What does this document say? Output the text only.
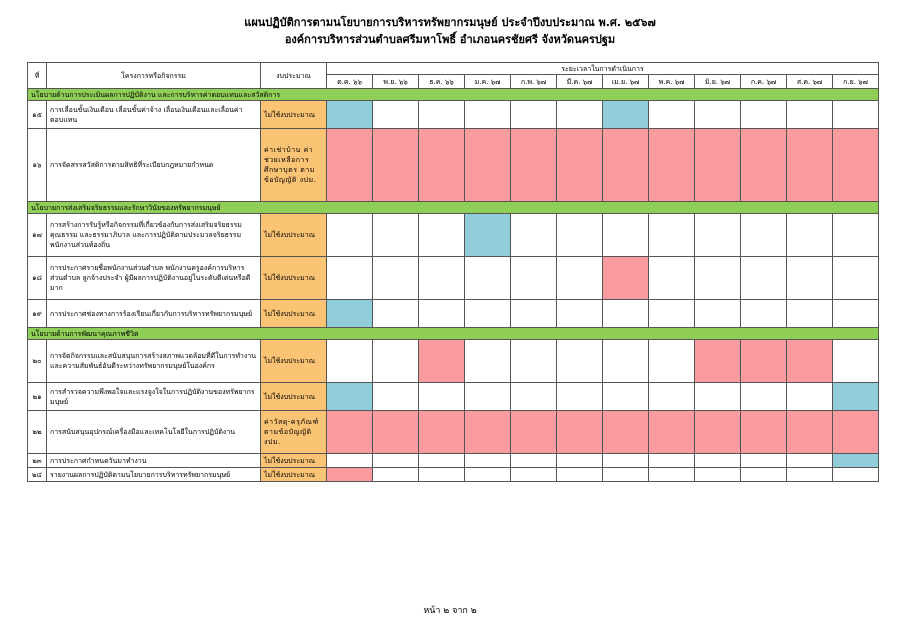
แผนปฏิบัติการตามนโยบายการบริหารทรัพยากรมนุษย์ ประจำปีงบประมาณ พ.ศ. ๒๕๖๗
องค์การบริหารส่วนตำบลศรีมหาโพธิ์ อำเภอนครชัยศรี จังหวัดนครปฐม
ที่	โครงการหรือกิจกรรม	งบประมาณ	ระยะเวลาในการดำเนินการ											
			ต.ค. ๖๖	พ.ย. ๖๖	ธ.ค. ๖๖	ม.ค. ๖๗	ก.พ. ๖๗	มี.ค. ๖๗	เม.ย. ๖๗	พ.ค. ๖๗	มิ.ย. ๖๗	ก.ค. ๖๗	ส.ค. ๖๗	ก.ย. ๖๗
นโยบายด้านการประเมินผลการปฏิบัติงาน และการบริหารค่าตอบแทนและสวัสดิการ														
๑๕	การเลื่อนขั้นเงินเดือน เลื่อนขั้นค่าจ้าง เลื่อนเงินเดือนและเลื่อนค่าตอบแทน	ไม่ใช้งบประมาณ												
๑๖	การจัดสรรสวัสดิการตามสิทธิที่ระเบียบกฎหมายกำหนด	ค่าเช่าบ้าน ค่าช่วยเหลือการศึกษาบุตร ตามข้อบัญญัติ งปม.												
นโยบายการส่งเสริมจริยธรรมและรักษาวินัยของทรัพยากรมนุษย์														
๑๗	การสร้างการรับรู้หรือกิจกรรมที่เกี่ยวข้องกับการส่งเสริมจริยธรรม คุณธรรม และธรรมาภิบาล และการปฏิบัติตามประมวลจริยธรรมพนักงานส่วนท้องถิ่น	ไม่ใช้งบประมาณ												
๑๘	การประกาศรายชื่อพนักงานส่วนตำบล พนักงานครูองค์การบริหารส่วนตำบล ลูกจ้างประจำ ผู้มีผลการปฏิบัติงานอยู่ในระดับดีเด่นหรือดีมาก	ไม่ใช้งบประมาณ												
๑๙	การประกาศช่องทางการร้องเรียนเกี่ยวกับการบริหารทรัพยากรมนุษย์	ไม่ใช้งบประมาณ												
นโยบายด้านการพัฒนาคุณภาพชีวิต														
๒๐	การจัดกิจกรรมและสนับสนุนการสร้างสภาพแวดล้อมที่ดีในการทำงานและความสัมพันธ์อันดีระหว่างทรัพยากรมนุษย์ในองค์กร	ไม่ใช้งบประมาณ												
๒๑	การสำรวจความพึงพอใจและแรงจูงใจในการปฏิบัติงานของทรัพยากรมนุษย์	ไม่ใช้งบประมาณ												
๒๒	การสนับสนุนอุปกรณ์เครื่องมือและเทคโนโลยีในการปฏิบัติงาน	ค่าวัสดุ-ครุภัณฑ์ ตามข้อบัญญัติ งปม.												
๒๓	การประกาศกำหนดวันมาทำงาน	ไม่ใช้งบประมาณ												
๒๔	รายงานผลการปฏิบัติตามนโยบายการบริหารทรัพยากรมนุษย์	ไม่ใช้งบประมาณ												
หน้า ๒ จาก ๒
